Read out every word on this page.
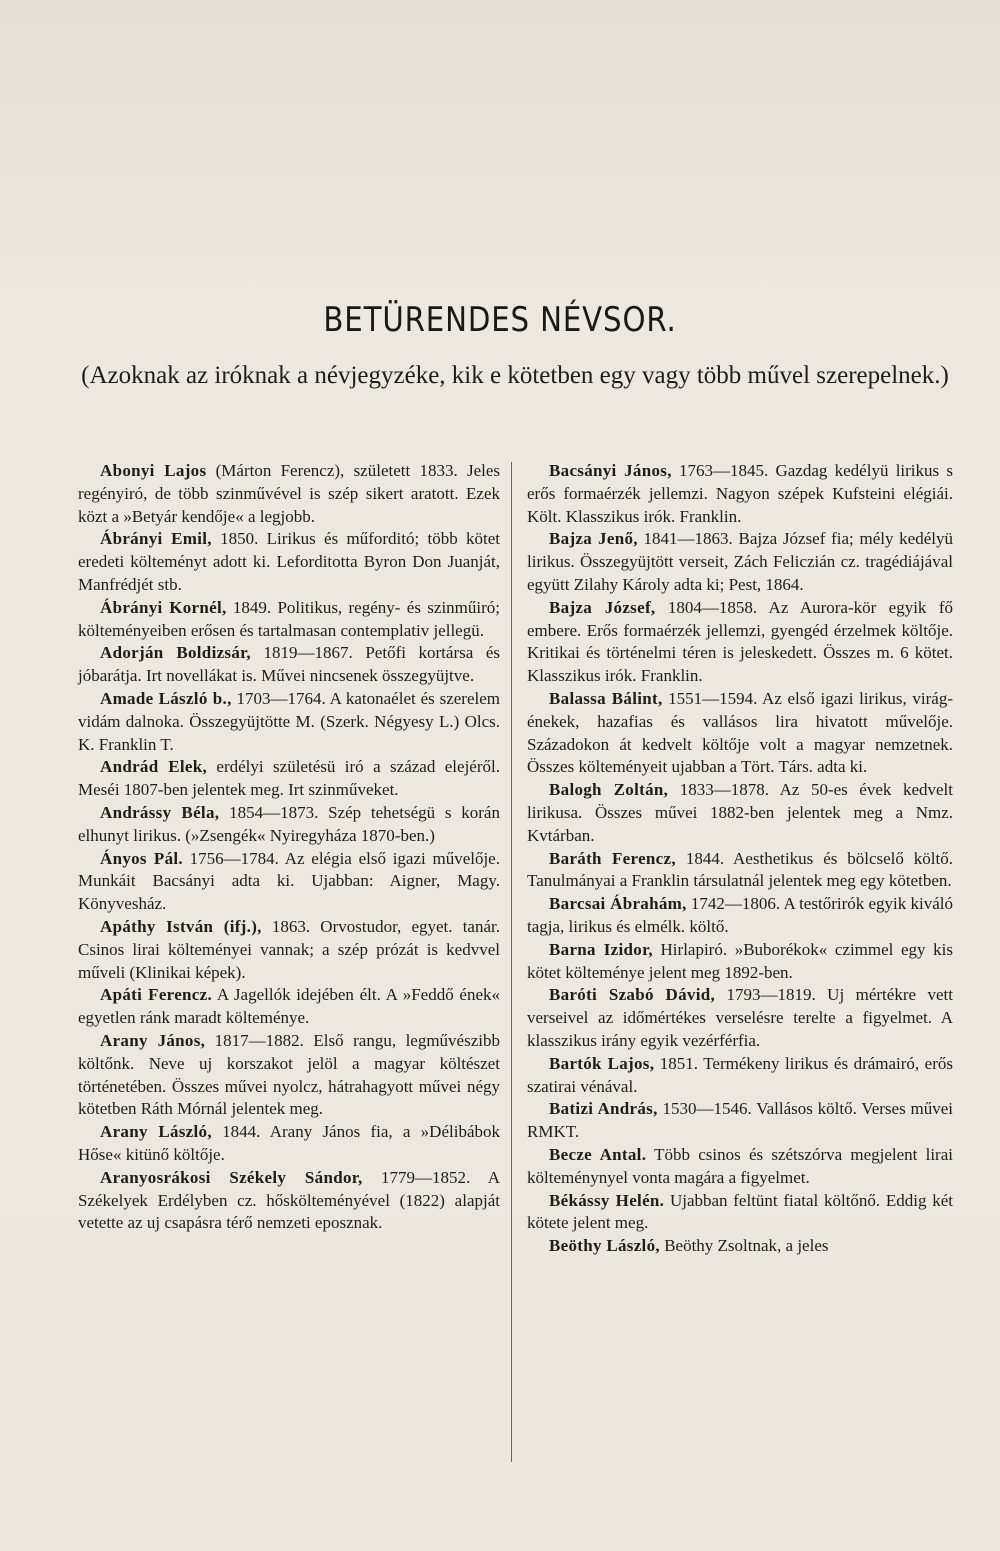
BETÜRENDES NÉVSOR.
(Azoknak az iróknak a névjegyzéke, kik e kötetben egy vagy több művel szerepelnek.)

Abonyi Lajos (Márton Ferencz), született 1833. Jeles regényiró, de több szinművével is szép sikert aratott. Ezek közt a »Betyár kendője« a legjobb.

Ábrányi Emil, 1850. Lirikus és műforditó; több kötet eredeti költeményt adott ki. Leforditotta Byron Don Juanját, Manfrédjét stb.

Ábrányi Kornél, 1849. Politikus, regény- és szinműiró; költeményeiben erősen és tartalmasan contemplativ jellegü.

Adorján Boldizsár, 1819—1867. Petőfi kortársa és jóbarátja. Irt novellákat is. Művei nincsenek összegyüjtve.

Amade László b., 1703—1764. A katonaélet és szerelem vidám dalnoka. Összegyüjtötte M. (Szerk. Négyesy L.) Olcs. K. Franklin T.

Andrád Elek, erdélyi születésü iró a század elejéről. Meséi 1807-ben jelentek meg. Irt szinműveket.

Andrássy Béla, 1854—1873. Szép tehetségü s korán elhunyt lirikus. (»Zsengék« Nyiregyháza 1870-ben.)

Ányos Pál. 1756—1784. Az elégia első igazi művelője. Munkáit Bacsányi adta ki. Ujabban: Aigner, Magy. Könyvesház.

Apáthy István (ifj.), 1863. Orvostudor, egyet. tanár. Csinos lirai költeményei vannak; a szép prózát is kedvvel műveli (Klinikai képek).

Apáti Ferencz. A Jagellók idejében élt. A »Feddő ének« egyetlen ránk maradt költeménye.

Arany János, 1817—1882. Első rangu, legművészibb költőnk. Neve uj korszakot jelöl a magyar költészet történetében. Összes művei nyolcz, hátrahagyott művei négy kötetben Ráth Mórnál jelentek meg.

Arany László, 1844. Arany János fia, a »Délibábok Hőse« kitünő költője.

Aranyosrákosi Székely Sándor, 1779—1852. A Székelyek Erdélyben cz. hőskölteményével (1822) alapját vetette az uj csapásra térő nemzeti eposznak.

Bacsányi János, 1763—1845. Gazdag kedélyü lirikus s erős formaérzék jellemzi. Nagyon szépek Kufsteini elégiái. Költ. Klasszikus irók. Franklin.

Bajza Jenő, 1841—1863. Bajza József fia; mély kedélyü lirikus. Összegyüjtött verseit, Zách Feliczián cz. tragédiájával együtt Zilahy Károly adta ki; Pest, 1864.

Bajza József, 1804—1858. Az Aurora-kör egyik fő embere. Erős formaérzék jellemzi, gyengéd érzelmek költője. Kritikai és történelmi téren is jeleskedett. Összes m. 6 kötet. Klasszikus irók. Franklin.

Balassa Bálint, 1551—1594. Az első igazi lirikus, virág-énekek, hazafias és vallásos lira hivatott művelője. Századokon át kedvelt költője volt a magyar nemzetnek. Összes költeményeit ujabban a Tört. Társ. adta ki.

Balogh Zoltán, 1833—1878. Az 50-es évek kedvelt lirikusa. Összes művei 1882-ben jelentek meg a Nmz. Kvtárban.

Baráth Ferencz, 1844. Aesthetikus és bölcselő költő. Tanulmányai a Franklin társulatnál jelentek meg egy kötetben.

Barcsai Ábrahám, 1742—1806. A testőrirók egyik kiváló tagja, lirikus és elmélk. költő.

Barna Izidor, Hirlapiró. »Buborékok« czimmel egy kis kötet költeménye jelent meg 1892-ben.

Baróti Szabó Dávid, 1793—1819. Uj mértékre vett verseivel az időmértékes verselésre terelte a figyelmet. A klasszikus irány egyik vezérférfia.

Bartók Lajos, 1851. Termékeny lirikus és drámairó, erős szatirai vénával.

Batizi András, 1530—1546. Vallásos költő. Verses művei RMKT.

Becze Antal. Több csinos és szétszórva megjelent lirai költeménynyel vonta magára a figyelmet.

Békássy Helén. Ujabban feltünt fiatal költőnő. Eddig két kötete jelent meg.

Beöthy László, Beöthy Zsoltnak, a jeles
